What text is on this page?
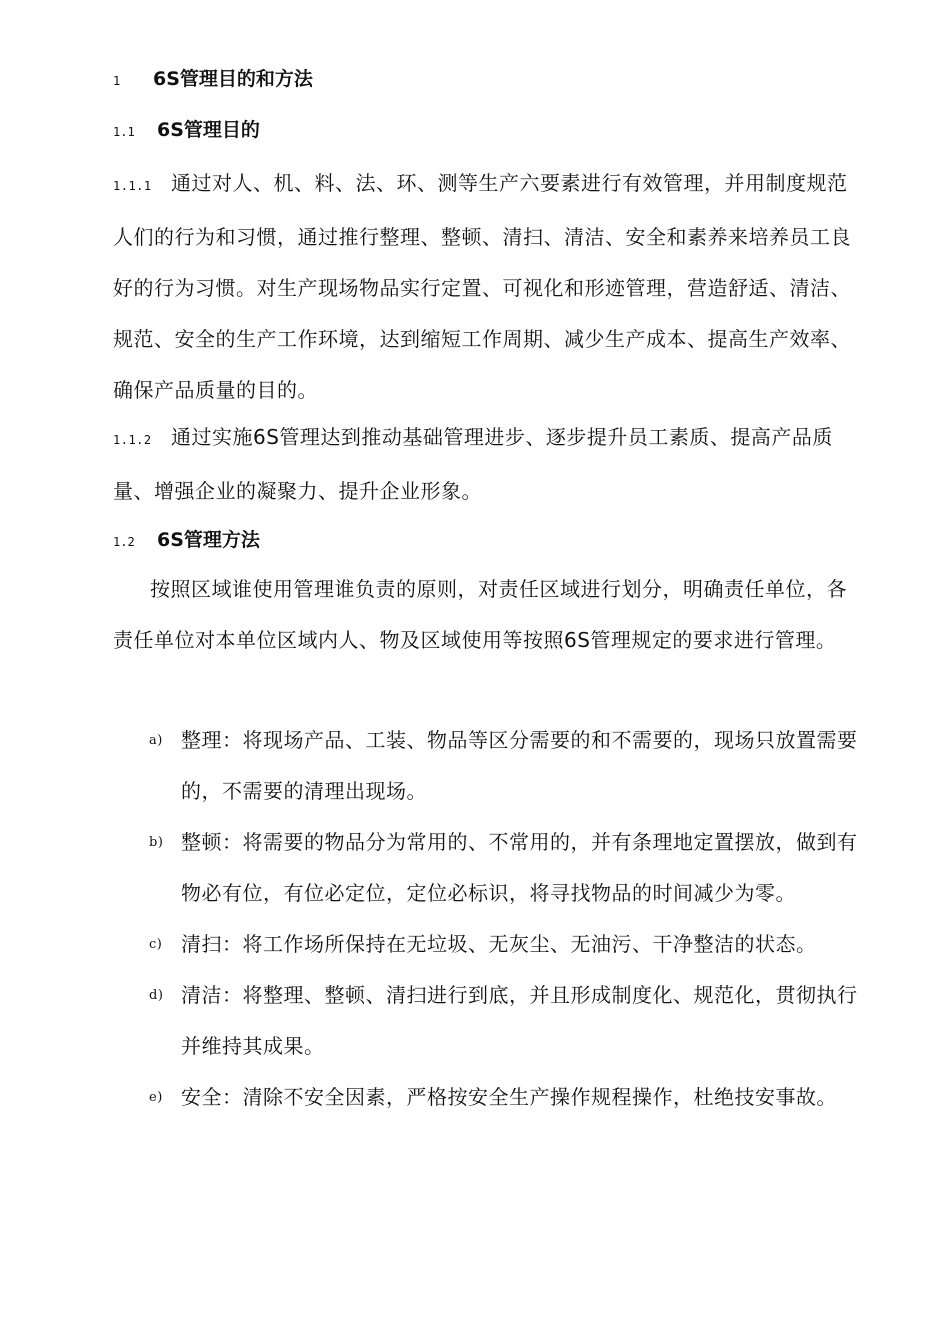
1 6S管理目的和方法
1.1 6S管理目的
1.1.1 通过对人、机、料、法、环、测等生产六要素进行有效管理，并用制度规范人们的行为和习惯，通过推行整理、整顿、清扫、清洁、安全和素养来培养员工良好的行为习惯。对生产现场物品实行定置、可视化和形迹管理，营造舒适、清洁、规范、安全的生产工作环境，达到缩短工作周期、减少生产成本、提高生产效率、确保产品质量的目的。
1.1.2 通过实施6S管理达到推动基础管理进步、逐步提升员工素质、提高产品质量、增强企业的凝聚力、提升企业形象。
1.2 6S管理方法
按照区域谁使用管理谁负责的原则，对责任区域进行划分，明确责任单位，各责任单位对本单位区域内人、物及区域使用等按照6S管理规定的要求进行管理。
a) 整理：将现场产品、工装、物品等区分需要的和不需要的，现场只放置需要的，不需要的清理出现场。
b) 整顿：将需要的物品分为常用的、不常用的，并有条理地定置摆放，做到有物必有位，有位必定位，定位必标识，将寻找物品的时间减少为零。
c) 清扫：将工作场所保持在无垃圾、无灰尘、无油污、干净整洁的状态。
d) 清洁：将整理、整顿、清扫进行到底，并且形成制度化、规范化，贯彻执行并维持其成果。
e) 安全：清除不安全因素，严格按安全生产操作规程操作，杜绝技安事故。
